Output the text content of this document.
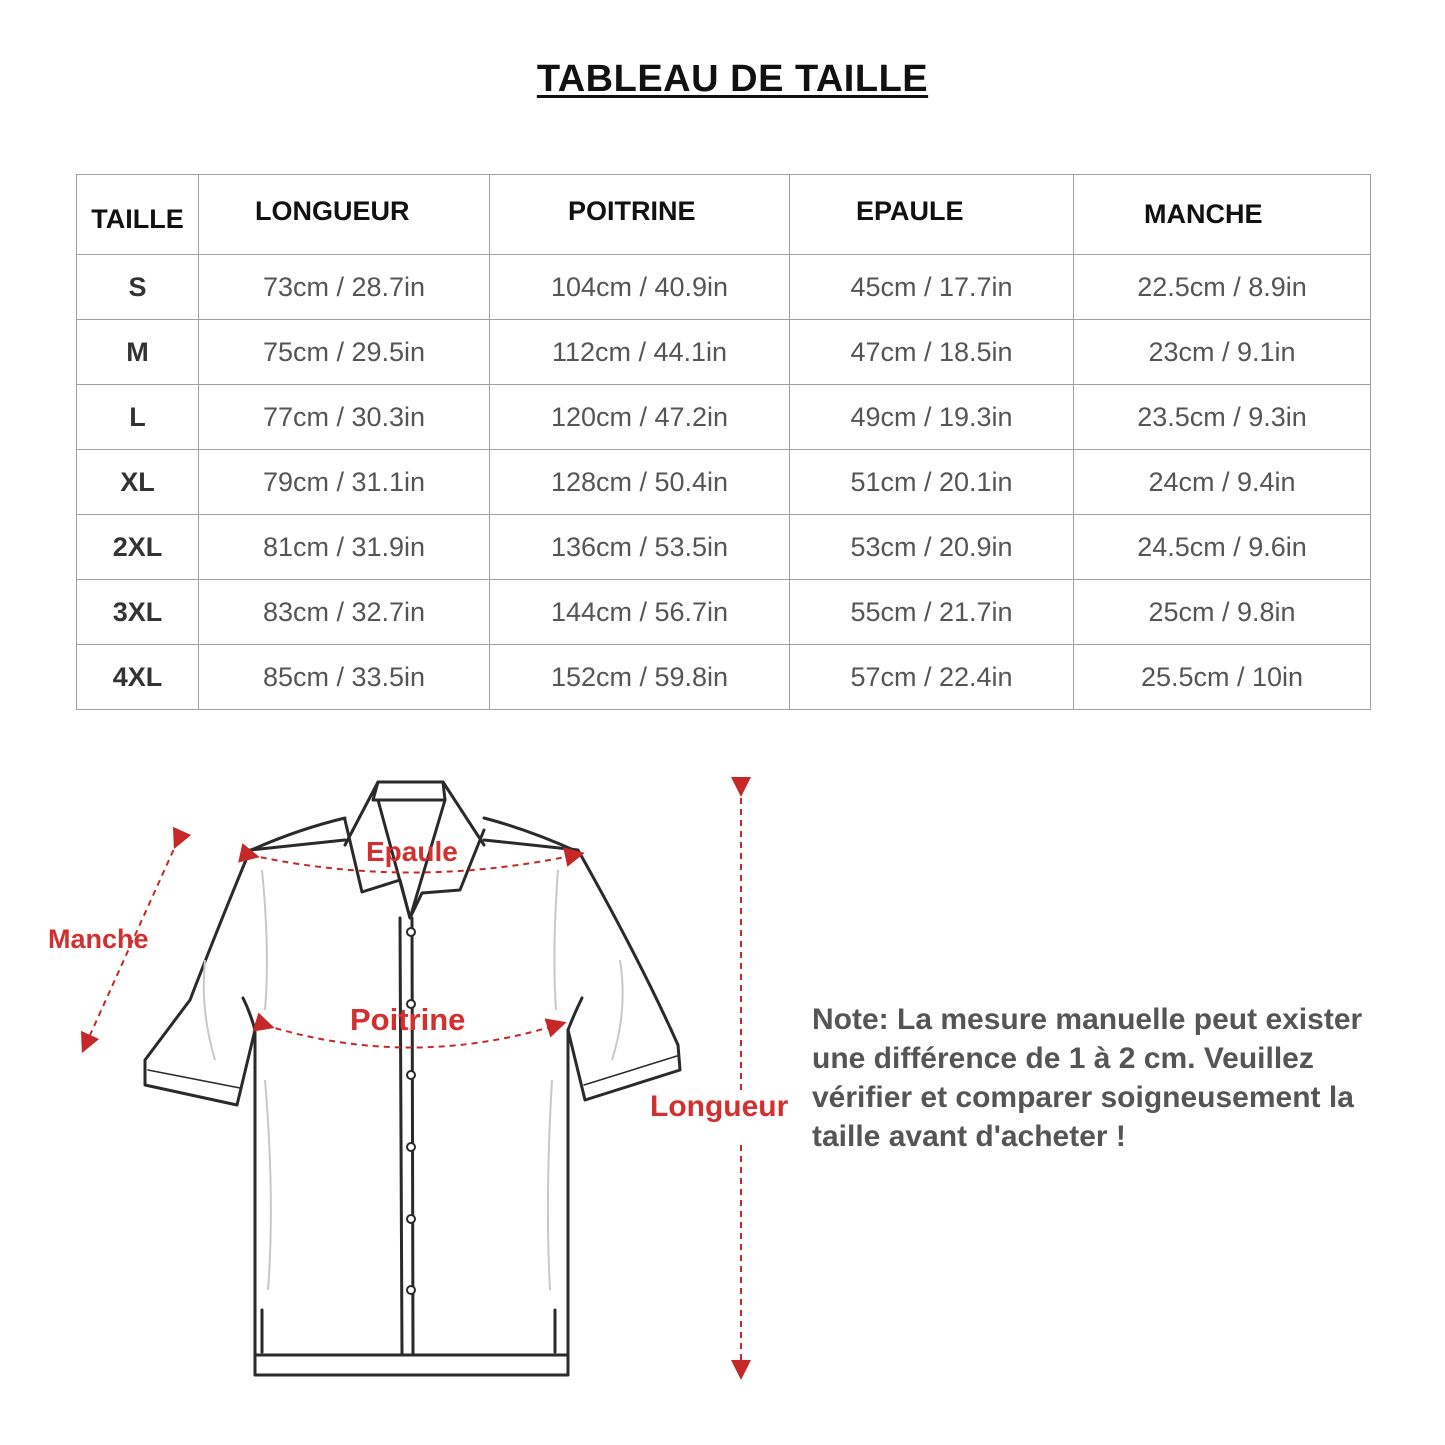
TABLEAU DE TAILLE
TAILLE	LONGUEUR	POITRINE	EPAULE	MANCHE
S	73cm / 28.7in	104cm / 40.9in	45cm / 17.7in	22.5cm / 8.9in
M	75cm / 29.5in	112cm / 44.1in	47cm / 18.5in	23cm / 9.1in
L	77cm / 30.3in	120cm / 47.2in	49cm / 19.3in	23.5cm / 9.3in
XL	79cm / 31.1in	128cm / 50.4in	51cm / 20.1in	24cm / 9.4in
2XL	81cm / 31.9in	136cm / 53.5in	53cm / 20.9in	24.5cm / 9.6in
3XL	83cm / 32.7in	144cm / 56.7in	55cm / 21.7in	25cm / 9.8in
4XL	85cm / 33.5in	152cm / 59.8in	57cm / 22.4in	25.5cm / 10in
Epaule
Manche
Poitrine
Longueur
Note: La mesure manuelle peut exister une différence de 1 à 2 cm. Veuillez vérifier et comparer soigneusement la taille avant d'acheter !
